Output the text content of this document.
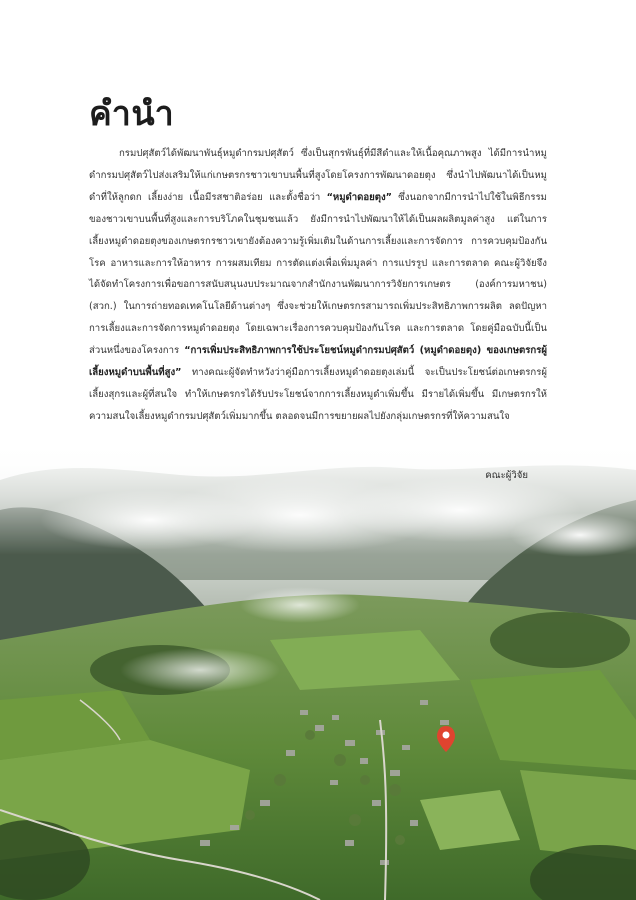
คำนำ
กรมปศุสัตว์ได้พัฒนาพันธุ์หมูดำกรมปศุสัตว์ ซึ่งเป็นสุกรพันธุ์ที่มีสีดำและให้เนื้อคุณภาพสูง ได้มีการนำหมูดำกรมปศุสัตว์ไปส่งเสริมให้แก่เกษตรกรชาวเขาบนพื้นที่สูงโดยโครงการพัฒนาดอยตุง ซึ่งนำไปพัฒนาได้เป็นหมูดำที่ให้ลูกดก เลี้ยงง่าย เนื้อมีรสชาติอร่อย และตั้งชื่อว่า “หมูดำดอยตุง” ซึ่งนอกจากมีการนำไปใช้ในพิธีกรรมของชาวเขาบนพื้นที่สูงและการบริโภคในชุมชนแล้ว ยังมีการนำไปพัฒนาให้ได้เป็นผลผลิตมูลค่าสูง แต่ในการเลี้ยงหมูดำดอยตุงของเกษตรกรชาวเขายังต้องความรู้เพิ่มเติมในด้านการเลี้ยงและการจัดการ การควบคุมป้องกันโรค อาหารและการให้อาหาร การผสมเทียม การตัดแต่งเพื่อเพิ่มมูลค่า การแปรรูป และการตลาด คณะผู้วิจัยจึงได้จัดทำโครงการเพื่อขอการสนับสนุนงบประมาณจากสำนักงานพัฒนาการวิจัยการเกษตร (องค์การมหาชน) (สวก.) ในการถ่ายทอดเทคโนโลยีด้านต่างๆ ซึ่งจะช่วยให้เกษตรกรสามารถเพิ่มประสิทธิภาพการผลิต ลดปัญหาการเลี้ยงและการจัดการหมูดำดอยตุง โดยเฉพาะเรื่องการควบคุมป้องกันโรค และการตลาด โดยคู่มือฉบับนี้เป็นส่วนหนึ่งของโครงการ “การเพิ่มประสิทธิภาพการใช้ประโยชน์หมูดำกรมปศุสัตว์ (หมูดำดอยตุง) ของเกษตรกรผู้เลี้ยงหมูดำบนพื้นที่สูง” ทางคณะผู้จัดทำหวังว่าคู่มือการเลี้ยงหมูดำดอยตุงเล่มนี้ จะเป็นประโยชน์ต่อเกษตรกรผู้เลี้ยงสุกรและผู้ที่สนใจ ทำให้เกษตรกรได้รับประโยชน์จากการเลี้ยงหมูดำเพิ่มขึ้น มีรายได้เพิ่มขึ้น มีเกษตรกรให้ความสนใจเลี้ยงหมูดำกรมปศุสัตว์เพิ่มมากขึ้น ตลอดจนมีการขยายผลไปยังกลุ่มเกษตรกรที่ให้ความสนใจ
คณะผู้วิจัย
